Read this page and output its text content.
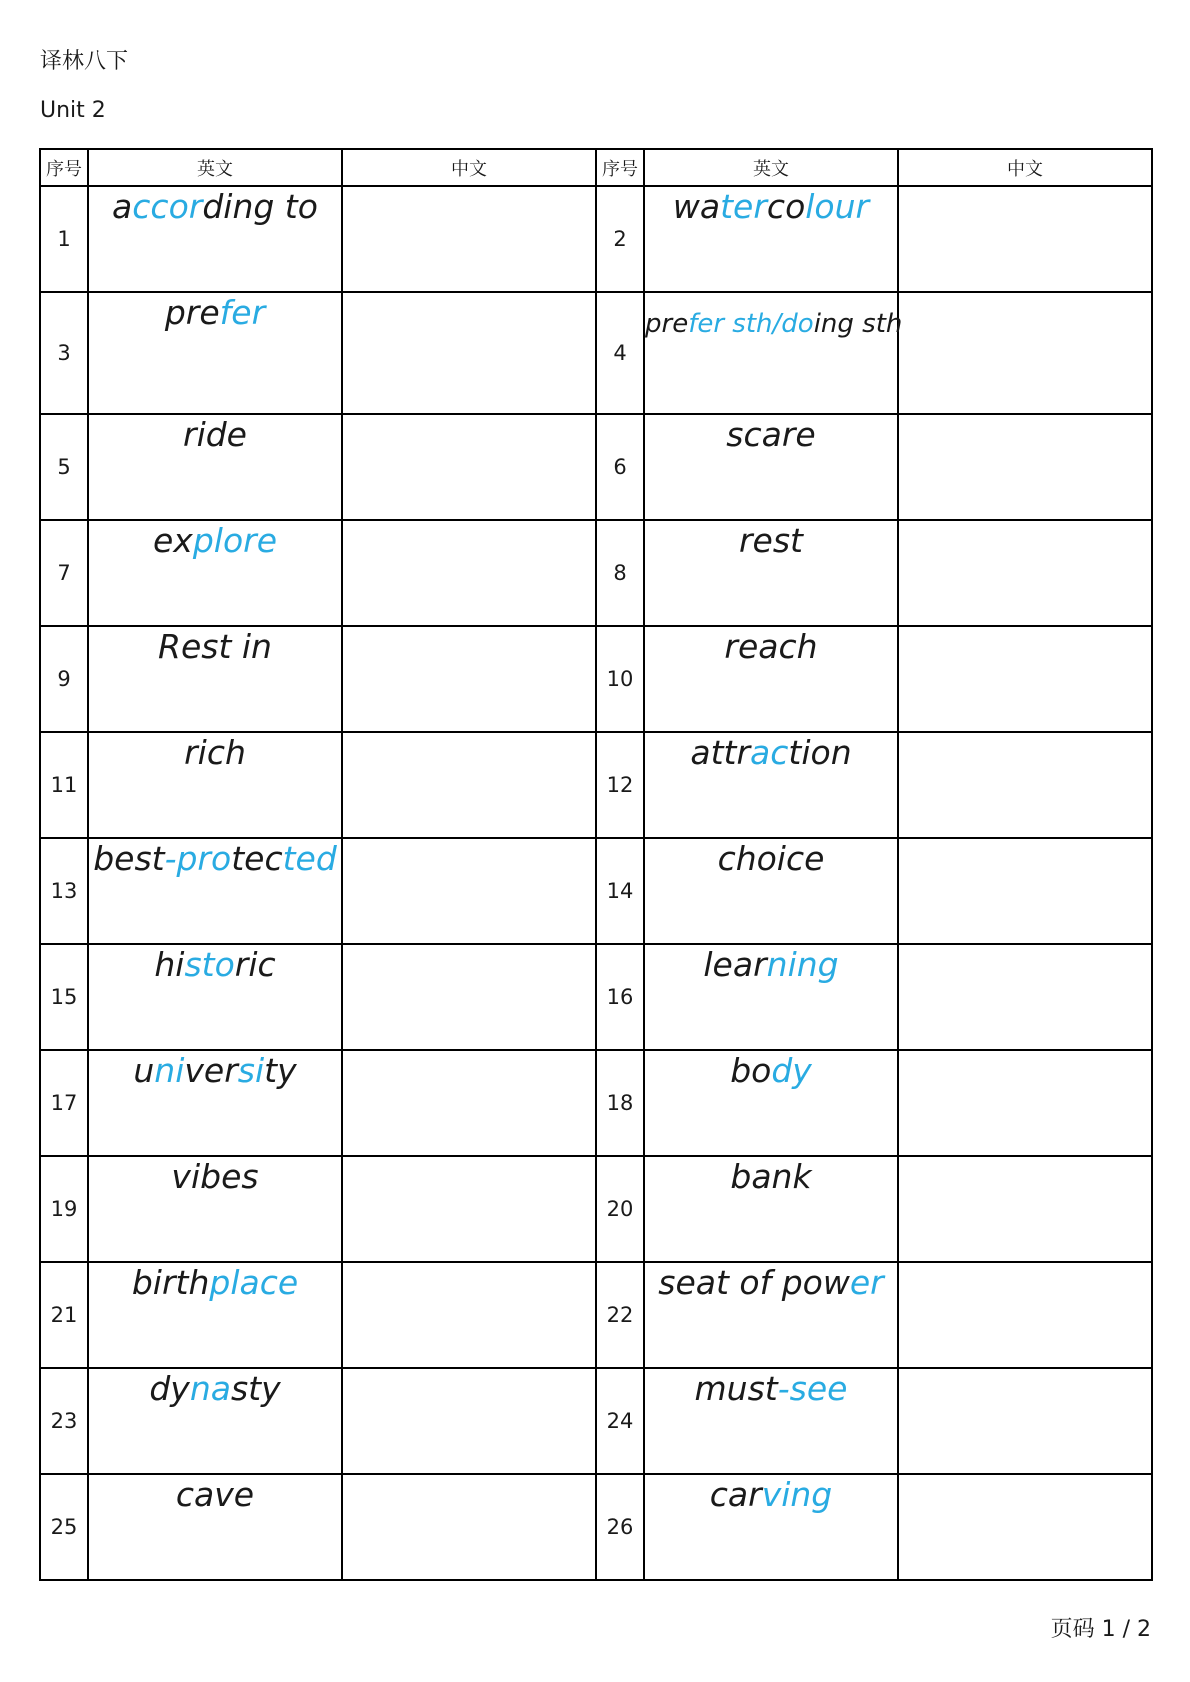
译林八下
Unit 2
序号	英文	中文	序号	英文	中文
1	according to		2	watercolour	
3	prefer		4	prefer sth/doing sth	
5	ride		6	scare	
7	explore		8	rest	
9	Rest in		10	reach	
11	rich		12	attraction	
13	best-protected		14	choice	
15	historic		16	learning	
17	university		18	body	
19	vibes		20	bank	
21	birthplace		22	seat of power	
23	dynasty		24	must-see	
25	cave		26	carving	
页码 1 / 2
